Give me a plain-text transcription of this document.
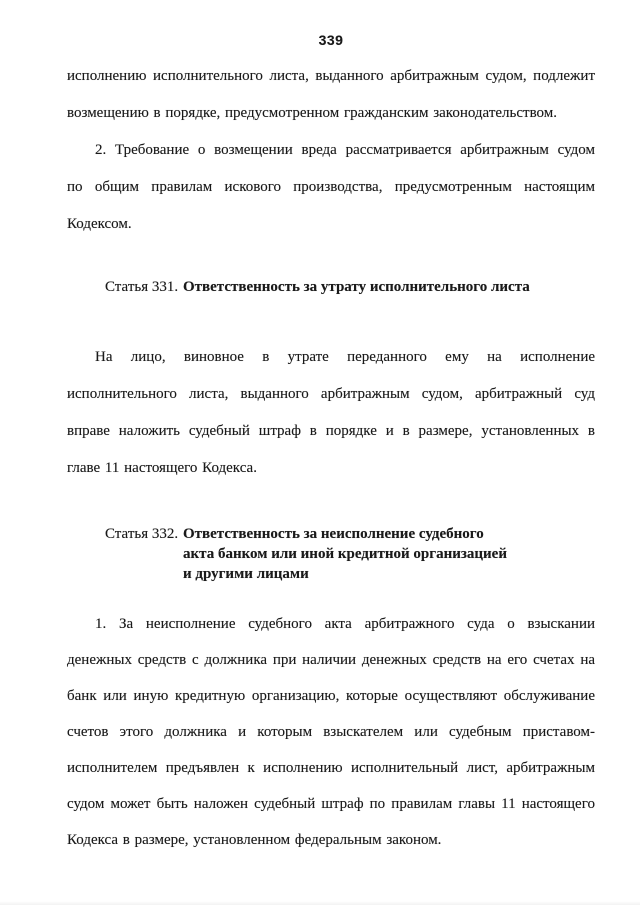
339
исполнению исполнительного листа, выданного арбитражным судом, подлежит
возмещению в порядке, предусмотренном гражданским законодательством.
2. Требование о возмещении вреда рассматривается арбитражным судом
по общим правилам искового производства, предусмотренным настоящим
Кодексом.
Статья 331. Ответственность за утрату исполнительного листа
На лицо, виновное в утрате переданного ему на исполнение
исполнительного листа, выданного арбитражным судом, арбитражный суд
вправе наложить судебный штраф в порядке и в размере, установленных в
главе 11 настоящего Кодекса.
Статья 332. Ответственность за неисполнение судебного
акта банком или иной кредитной организацией
и другими лицами
1. За неисполнение судебного акта арбитражного суда о взыскании
денежных средств с должника при наличии денежных средств на его счетах на
банк или иную кредитную организацию, которые осуществляют обслуживание
счетов этого должника и которым взыскателем или судебным приставом-
исполнителем предъявлен к исполнению исполнительный лист, арбитражным
судом может быть наложен судебный штраф по правилам главы 11 настоящего
Кодекса в размере, установленном федеральным законом.
